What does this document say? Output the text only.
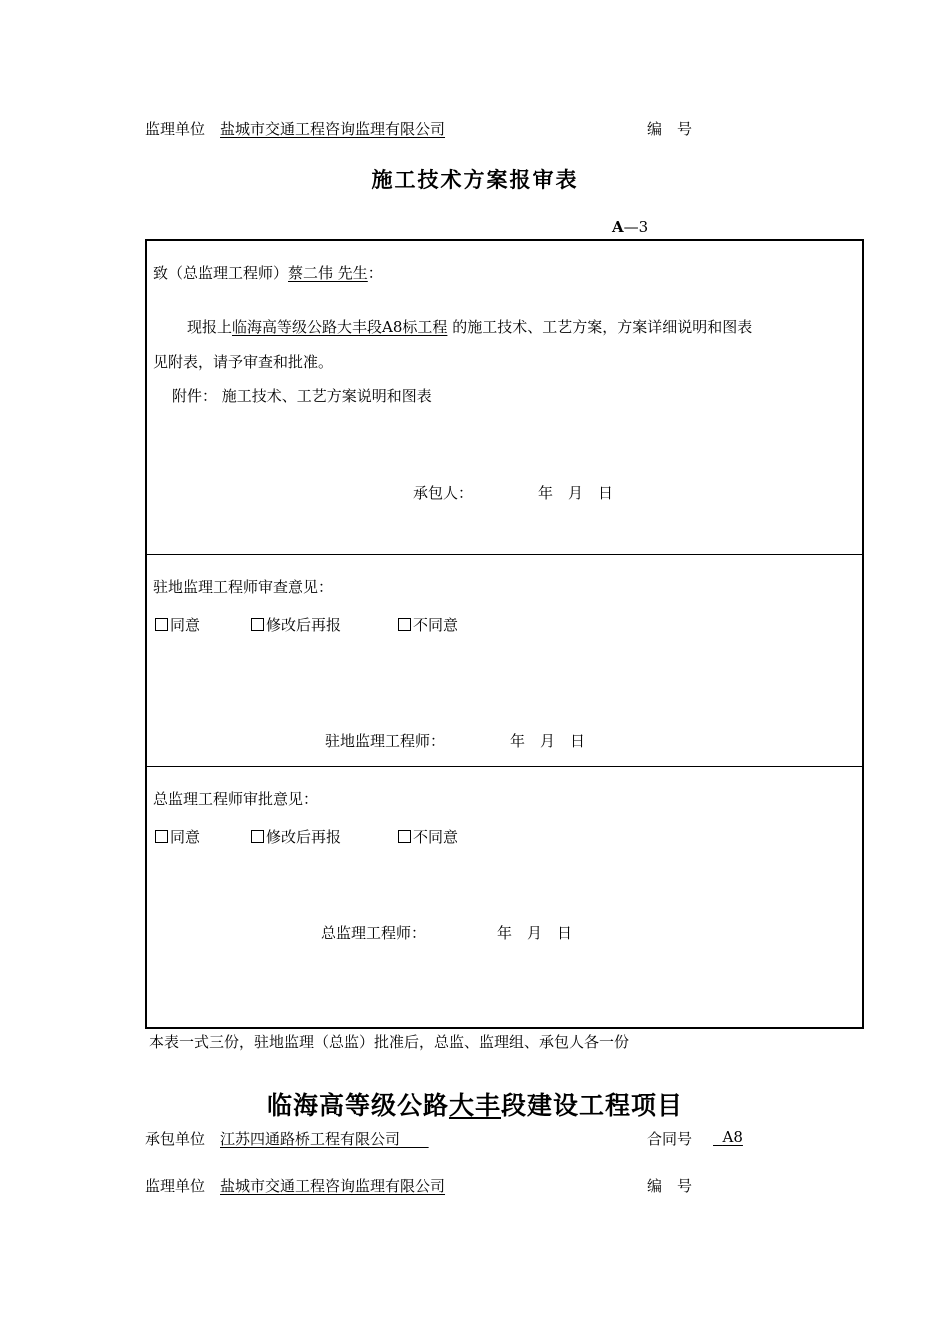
监理单位 盐城市交通工程咨询监理有限公司	编　号
施工技术方案报审表
A—3
致（总监理工程师）蔡二伟 先生：
现报上临海高等级公路大丰段A8标工程 的施工技术、工艺方案，方案详细说明和图表
见附表，请予审查和批准。
附件： 施工技术、工艺方案说明和图表
承包人：	年　月　日
驻地监理工程师审查意见：
同意	修改后再报	不同意
驻地监理工程师：	年　月　日
总监理工程师审批意见：
同意	修改后再报	不同意
总监理工程师：	年　月　日
本表一式三份，驻地监理（总监）批准后，总监、监理组、承包人各一份
临海高等级公路大丰段建设工程项目
承包单位 江苏四通路桥工程有限公司	合同号	A8
监理单位 盐城市交通工程咨询监理有限公司	编　号
